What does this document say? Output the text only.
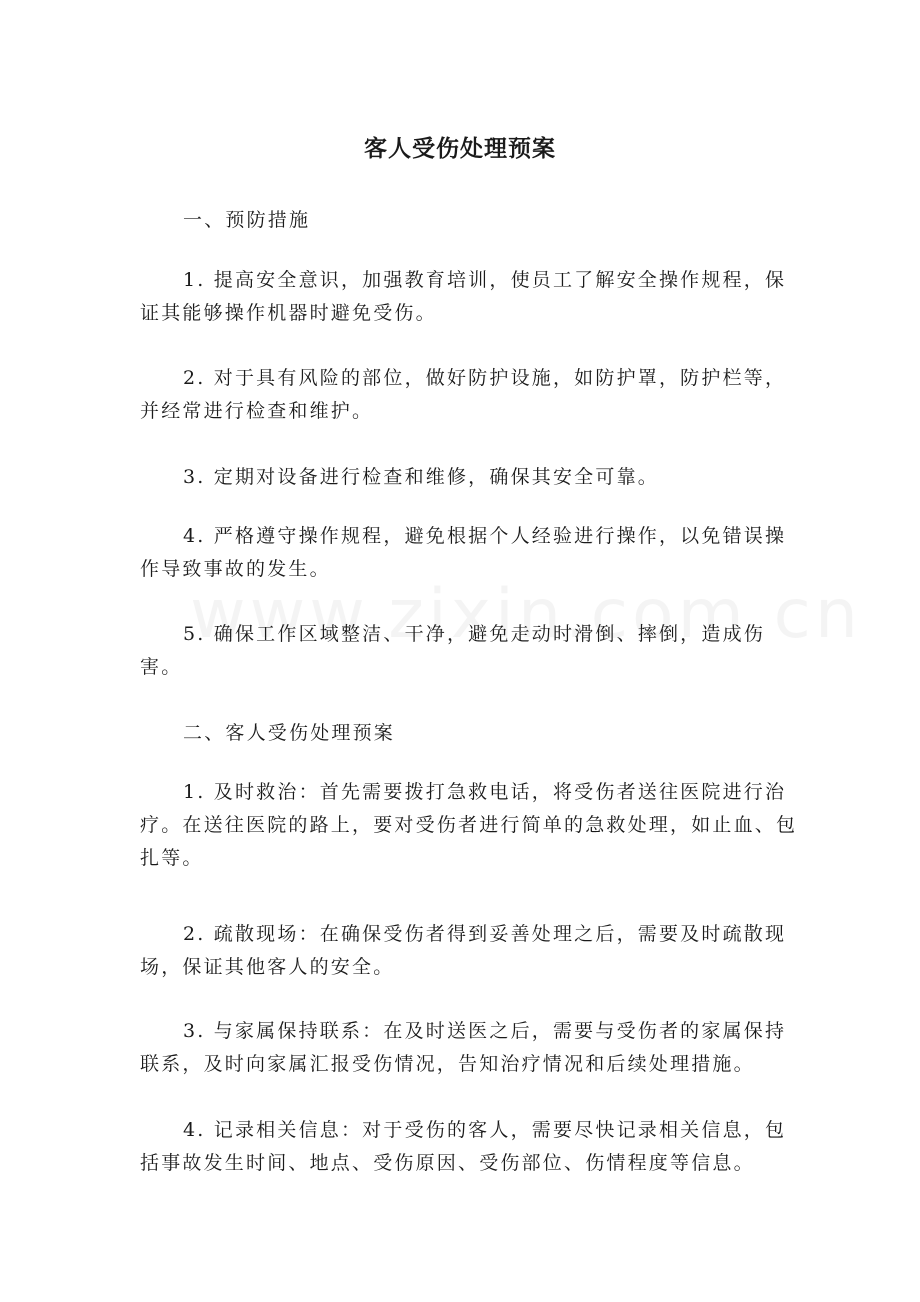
客人受伤处理预案

一、预防措施

1. 提高安全意识，加强教育培训，使员工了解安全操作规程，保证其能够操作机器时避免受伤。

2. 对于具有风险的部位，做好防护设施，如防护罩，防护栏等，并经常进行检查和维护。

3. 定期对设备进行检查和维修，确保其安全可靠。

4. 严格遵守操作规程，避免根据个人经验进行操作，以免错误操作导致事故的发生。

5. 确保工作区域整洁、干净，避免走动时滑倒、摔倒，造成伤害。

二、客人受伤处理预案

1. 及时救治：首先需要拨打急救电话，将受伤者送往医院进行治疗。在送往医院的路上，要对受伤者进行简单的急救处理，如止血、包扎等。

2. 疏散现场：在确保受伤者得到妥善处理之后，需要及时疏散现场，保证其他客人的安全。

3. 与家属保持联系：在及时送医之后，需要与受伤者的家属保持联系，及时向家属汇报受伤情况，告知治疗情况和后续处理措施。

4. 记录相关信息：对于受伤的客人，需要尽快记录相关信息，包括事故发生时间、地点、受伤原因、受伤部位、伤情程度等信息。
